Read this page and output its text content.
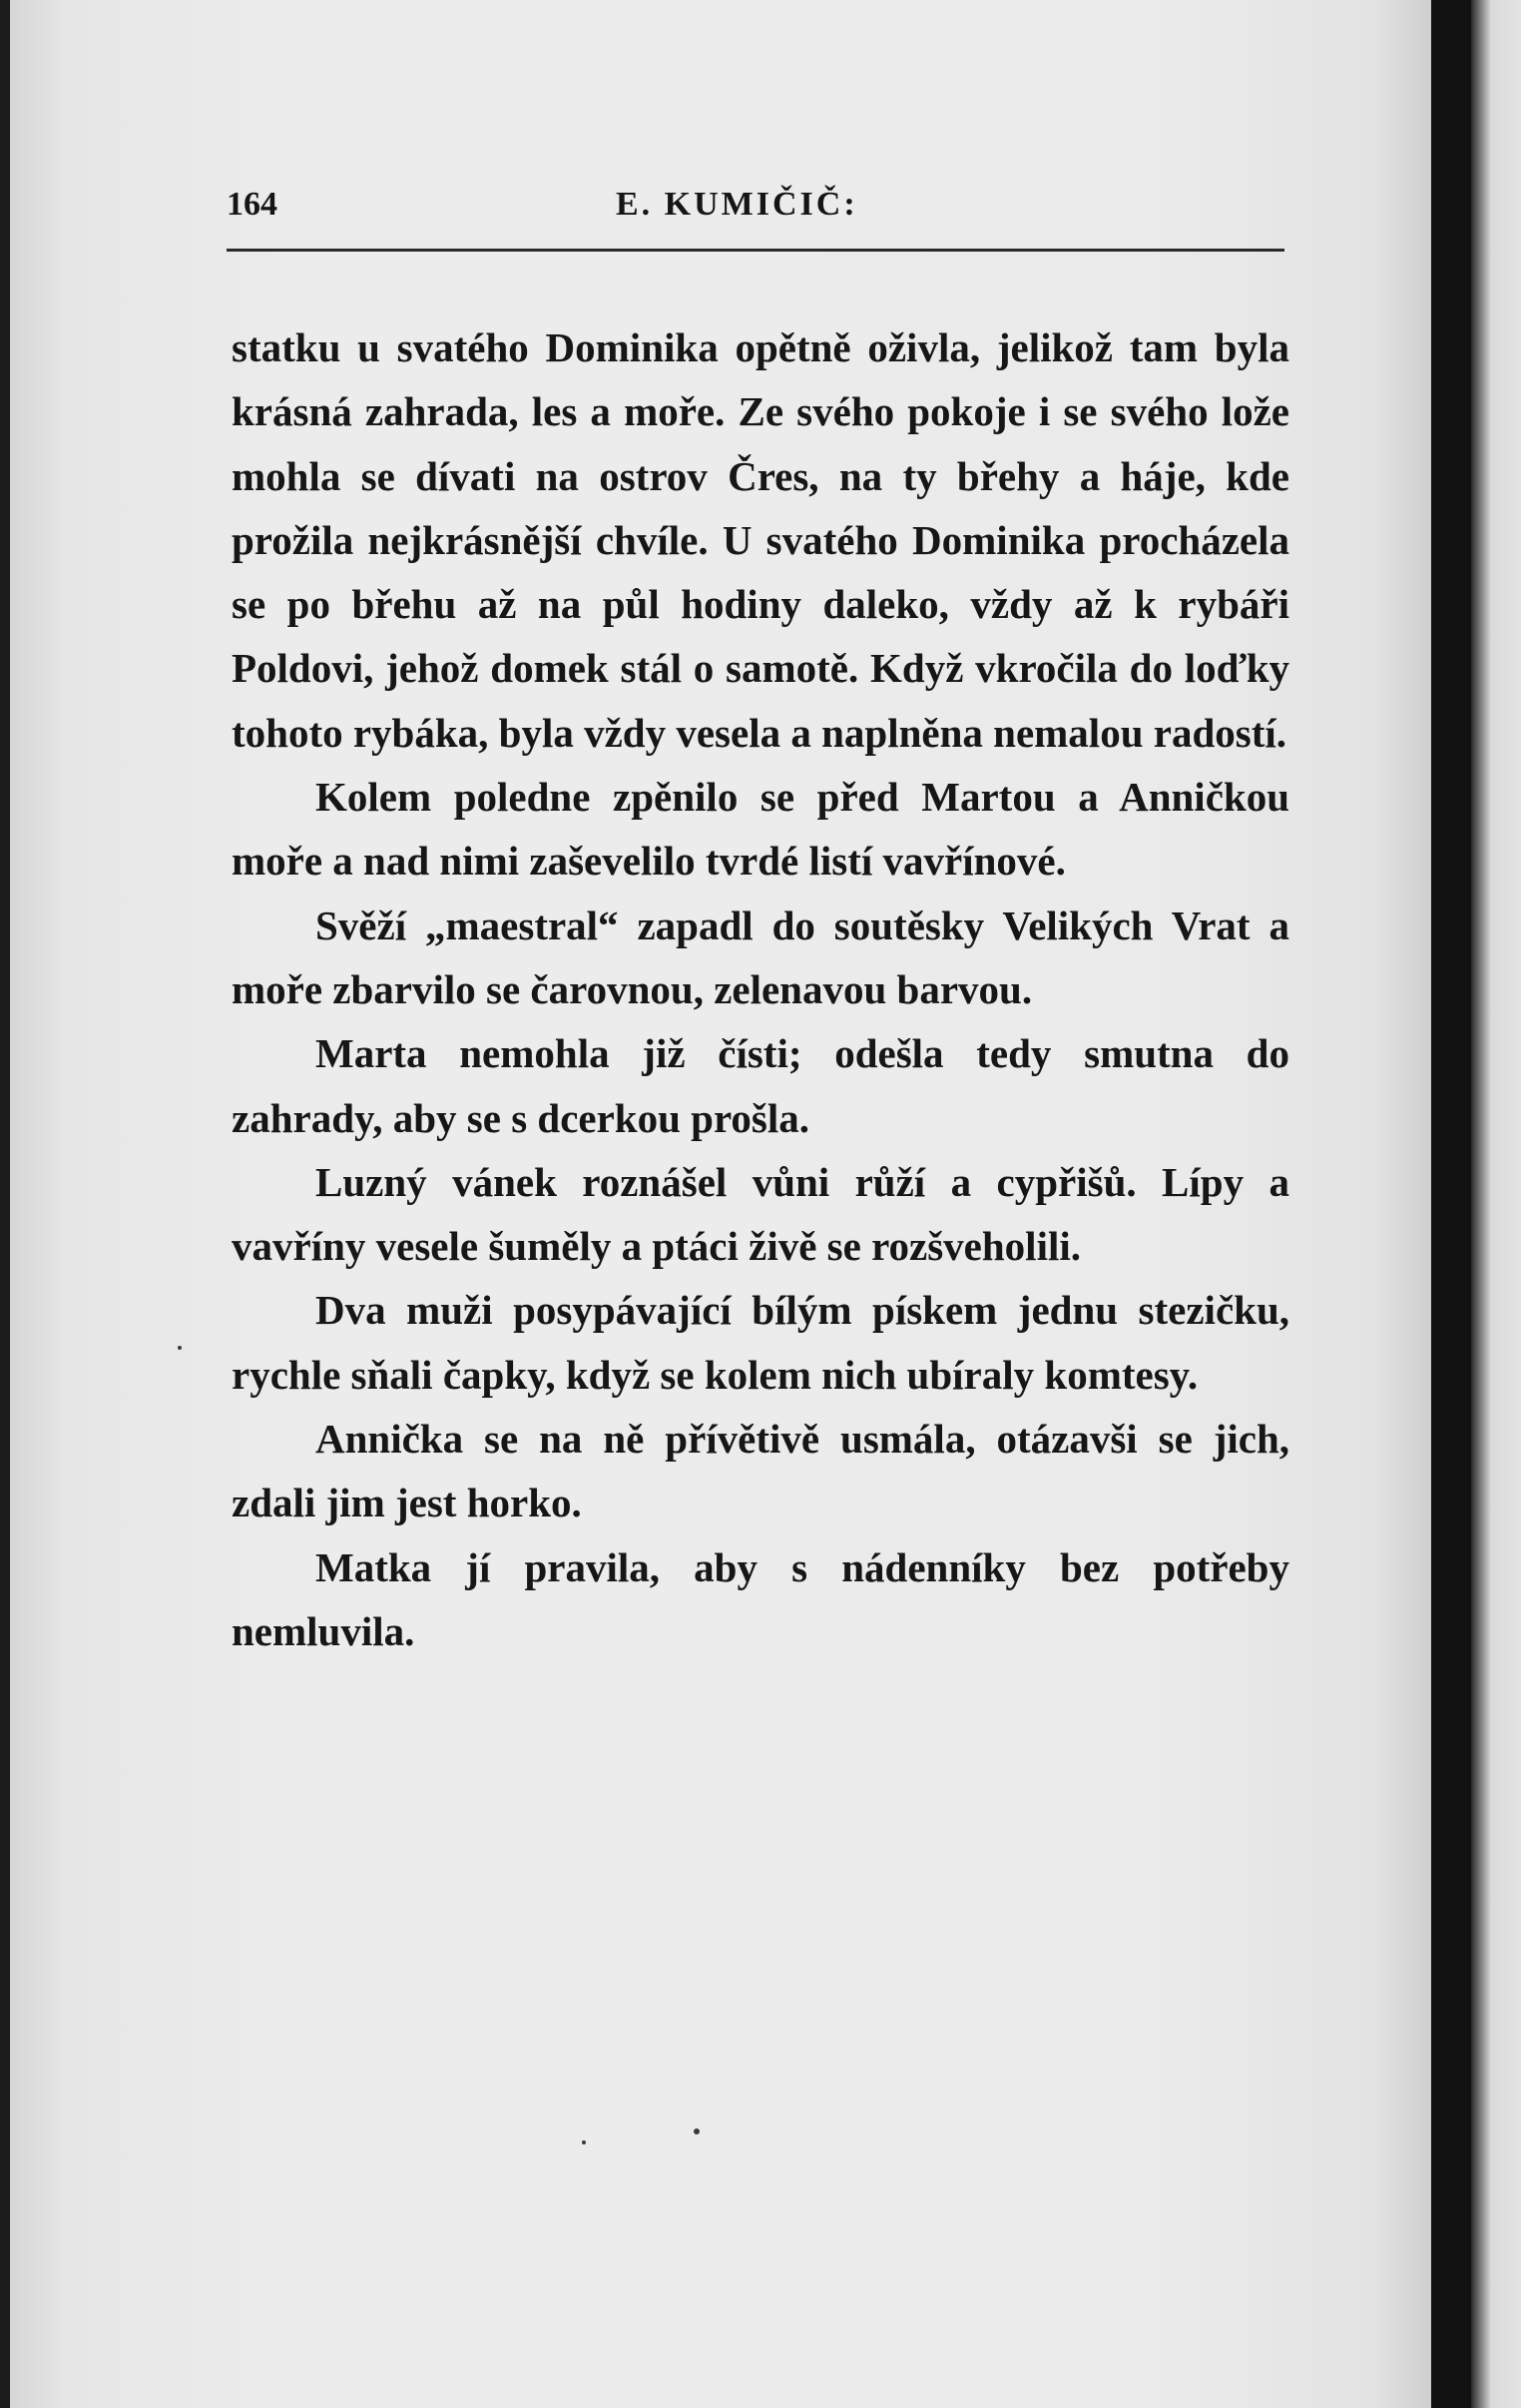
164	E. KUMIČIČ:

statku u svatého Dominika opětně oživla, jelikož tam byla krásná zahrada, les a moře. Ze svého pokoje i se svého lože mohla se dívati na ostrov Čres, na ty břehy a háje, kde prožila nejkrásnější chvíle. U svatého Dominika procházela se po břehu až na půl hodiny daleko, vždy až k rybáři Poldovi, jehož domek stál o samotě. Když vkročila do loďky tohoto rybáka, byla vždy vesela a naplněna nemalou radostí.

Kolem poledne zpěnilo se před Martou a Anničkou moře a nad nimi zaševelilo tvrdé listí vavřínové.

Svěží „maestral“ zapadl do soutěsky Velikých Vrat a moře zbarvilo se čarovnou, zelenavou barvou.

Marta nemohla již čísti; odešla tedy smutna do zahrady, aby se s dcerkou prošla.

Luzný vánek roznášel vůni růží a cypřišů. Lípy a vavříny vesele šuměly a ptáci živě se rozšveholili.

Dva muži posypávající bílým pískem jednu stezičku, rychle sňali čapky, když se kolem nich ubíraly komtesy.

Annička se na ně přívětivě usmála, otázavši se jich, zdali jim jest horko.

Matka jí pravila, aby s nádenníky bez potřeby nemluvila.
